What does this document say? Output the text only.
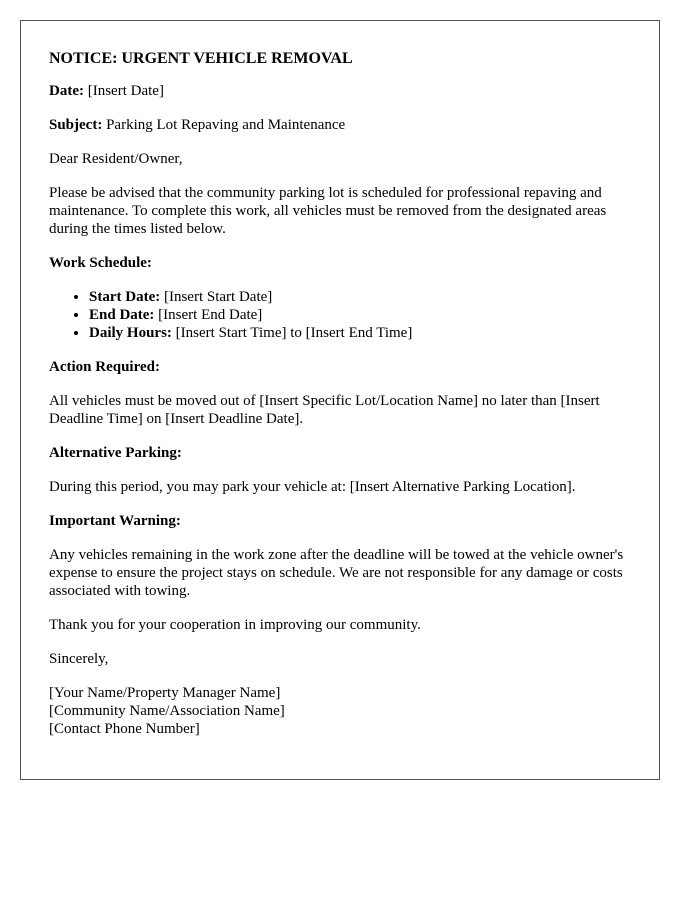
NOTICE: URGENT VEHICLE REMOVAL

Date: [Insert Date]

Subject: Parking Lot Repaving and Maintenance

Dear Resident/Owner,

Please be advised that the community parking lot is scheduled for professional repaving and maintenance. To complete this work, all vehicles must be removed from the designated areas during the times listed below.

Work Schedule:
• Start Date: [Insert Start Date]
• End Date: [Insert End Date]
• Daily Hours: [Insert Start Time] to [Insert End Time]
Action Required:

All vehicles must be moved out of [Insert Specific Lot/Location Name] no later than [Insert Deadline Time] on [Insert Deadline Date].

Alternative Parking:

During this period, you may park your vehicle at: [Insert Alternative Parking Location].

Important Warning:

Any vehicles remaining in the work zone after the deadline will be towed at the vehicle owner's expense to ensure the project stays on schedule. We are not responsible for any damage or costs associated with towing.

Thank you for your cooperation in improving our community.

Sincerely,

[Your Name/Property Manager Name]
[Community Name/Association Name]
[Contact Phone Number]
